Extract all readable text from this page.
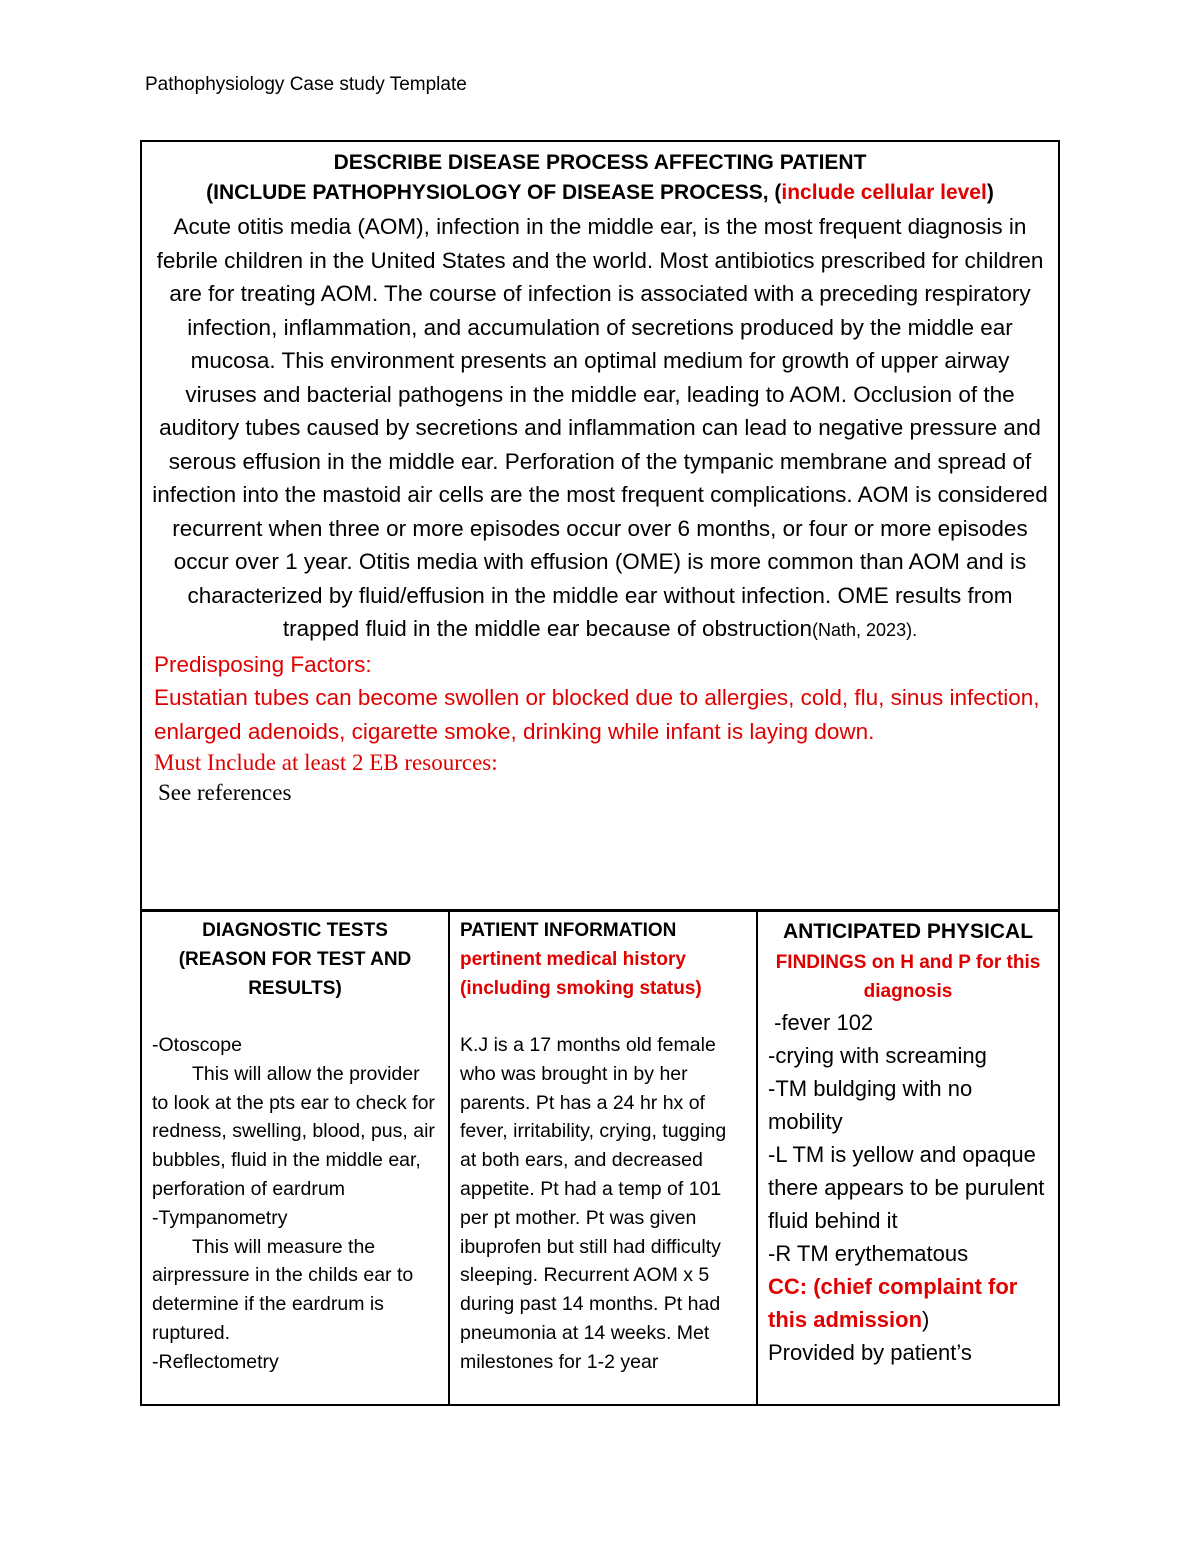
Pathophysiology Case study Template
DESCRIBE DISEASE PROCESS AFFECTING PATIENT
(INCLUDE PATHOPHYSIOLOGY OF DISEASE PROCESS, (include cellular level)
Acute otitis media (AOM), infection in the middle ear, is the most frequent diagnosis in febrile children in the United States and the world. Most antibiotics prescribed for children are for treating AOM. The course of infection is associated with a preceding respiratory infection, inflammation, and accumulation of secretions produced by the middle ear mucosa. This environment presents an optimal medium for growth of upper airway viruses and bacterial pathogens in the middle ear, leading to AOM. Occlusion of the auditory tubes caused by secretions and inflammation can lead to negative pressure and serous effusion in the middle ear. Perforation of the tympanic membrane and spread of infection into the mastoid air cells are the most frequent complications. AOM is considered recurrent when three or more episodes occur over 6 months, or four or more episodes occur over 1 year. Otitis media with effusion (OME) is more common than AOM and is characterized by fluid/effusion in the middle ear without infection. OME results from trapped fluid in the middle ear because of obstruction(Nath, 2023).
Predisposing Factors:
Eustatian tubes can become swollen or blocked due to allergies, cold, flu, sinus infection, enlarged adenoids, cigarette smoke, drinking while infant is laying down.
Must Include at least 2 EB resources:
See references
DIAGNOSTIC TESTS
(REASON FOR TEST AND
RESULTS)
-Otoscope
This will allow the provider to look at the pts ear to check for redness, swelling, blood, pus, air bubbles, fluid in the middle ear, perforation of eardrum
-Tympanometry
This will measure the airpressure in the childs ear to determine if the eardrum is ruptured.
-Reflectometry
PATIENT INFORMATION
pertinent medical history
(including smoking status)
K.J is a 17 months old female who was brought in by her parents. Pt has a 24 hr hx of fever, irritability, crying, tugging at both ears, and decreased appetite. Pt had a temp of 101 per pt mother. Pt was given ibuprofen but still had difficulty sleeping. Recurrent AOM x 5 during past 14 months. Pt had pneumonia at 14 weeks. Met milestones for 1-2 year
ANTICIPATED PHYSICAL
FINDINGS on H and P for this
diagnosis
-fever 102
-crying with screaming
-TM buldging with no mobility
-L TM is yellow and opaque there appears to be purulent fluid behind it
-R TM erythematous
CC: (chief complaint for this admission)
Provided by patient’s
